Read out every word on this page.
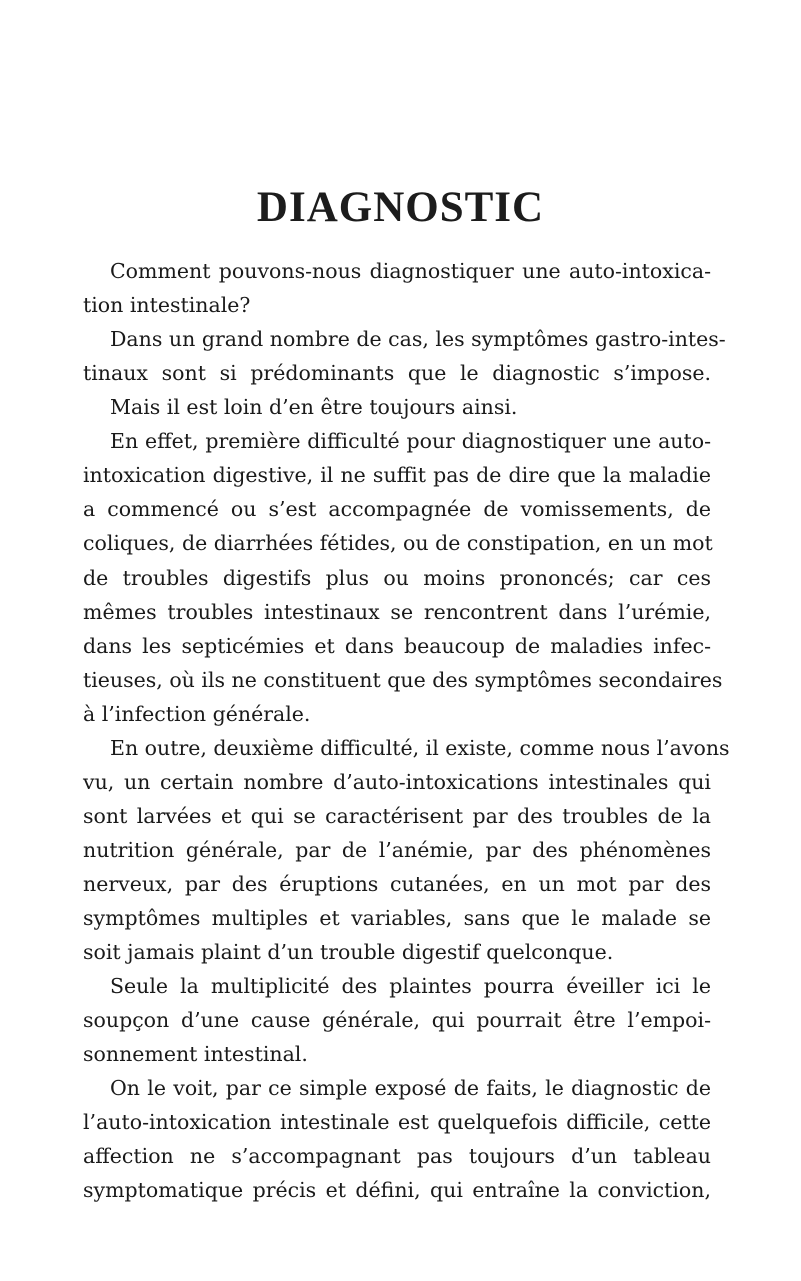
DIAGNOSTIC
Comment pouvons-nous diagnostiquer une auto-intoxica-
tion intestinale?
Dans un grand nombre de cas, les symptômes gastro-intes-
tinaux sont si prédominants que le diagnostic s’impose.
Mais il est loin d’en être toujours ainsi.
En effet, première difficulté pour diagnostiquer une auto-
intoxication digestive, il ne suffit pas de dire que la maladie
a commencé ou s’est accompagnée de vomissements, de
coliques, de diarrhées fétides, ou de constipation, en un mot
de troubles digestifs plus ou moins prononcés; car ces
mêmes troubles intestinaux se rencontrent dans l’urémie,
dans les septicémies et dans beaucoup de maladies infec-
tieuses, où ils ne constituent que des symptômes secondaires
à l’infection générale.
En outre, deuxième difficulté, il existe, comme nous l’avons
vu, un certain nombre d’auto-intoxications intestinales qui
sont larvées et qui se caractérisent par des troubles de la
nutrition générale, par de l’anémie, par des phénomènes
nerveux, par des éruptions cutanées, en un mot par des
symptômes multiples et variables, sans que le malade se
soit jamais plaint d’un trouble digestif quelconque.
Seule la multiplicité des plaintes pourra éveiller ici le
soupçon d’une cause générale, qui pourrait être l’empoi-
sonnement intestinal.
On le voit, par ce simple exposé de faits, le diagnostic de
l’auto-intoxication intestinale est quelquefois difficile, cette
affection ne s’accompagnant pas toujours d’un tableau
symptomatique précis et défini, qui entraîne la conviction,
